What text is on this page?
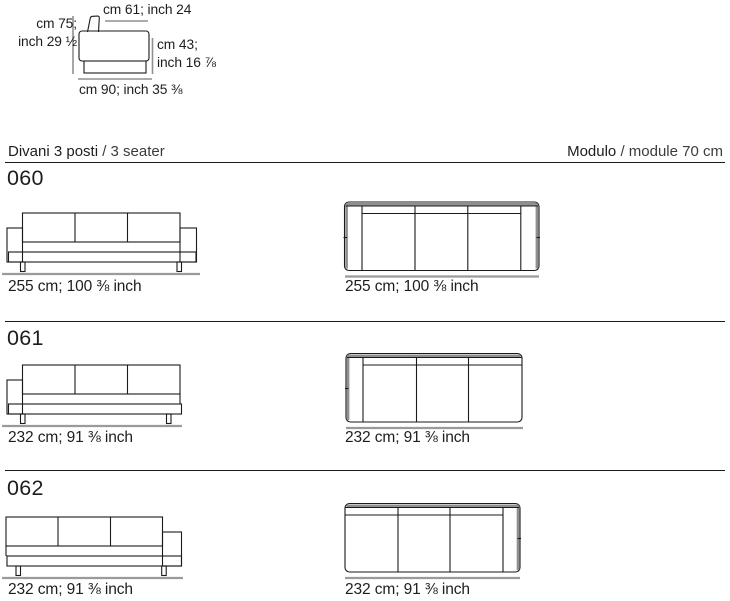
cm 61; inch 24
cm 75;
inch 29 ½	cm 43;
inch 16 ⅞
cm 90; inch 35 ⅜
Divani 3 posti / 3 seater	Modulo / module 70 cm
060
255 cm; 100 ⅜ inch	255 cm; 100 ⅜ inch
061
232 cm; 91 ⅜ inch	232 cm; 91 ⅜ inch
062
232 cm; 91 ⅜ inch	232 cm; 91 ⅜ inch
